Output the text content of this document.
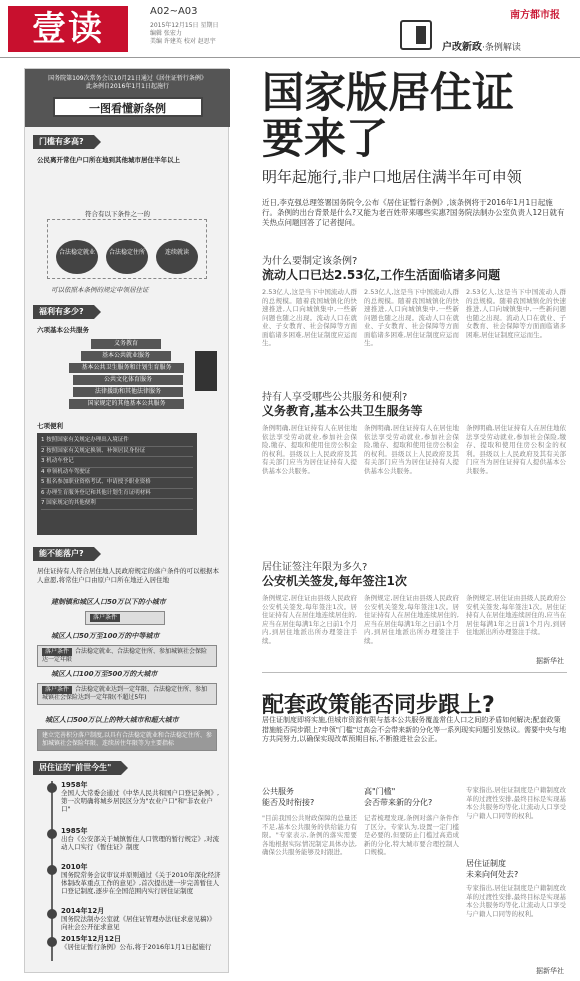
壹读	A02~A03
2015年12月15日 星期日
编辑 张宏力
美编 许建英 校对 赵思宇
南方都市报
户改新政·条例解读
国务院第109次常务会议10月21日通过《居住证暂行条例》
此条例自2016年1月1日起施行
一图看懂新条例
门槛有多高?
公民离开常住户口所在地到其他城市居住半年以上
符合有以下条件之一的
合法稳定就业	合法稳定住所	连续就读
可以依照本条例的规定申领居住证
福利有多少?
六项基本公共服务
义务教育
基本公共就业服务
基本公共卫生服务和计划生育服务
公共文化体育服务
法律援助和其他法律服务
国家规定的其他基本公共服务
七项便利
1 按照国家有关规定办理出入境证件
2 按照国家有关规定换领、补领居民身份证
3 机动车登记
4 申领机动车驾驶证
5 报名参加职业资格考试、申请授予职业资格
6 办理生育服务登记和其他计划生育证明材料
7 国家规定的其他便利
能不能落户?
居住证持有人符合居住地人民政府规定的落户条件的可以根据本人意愿,将常住户口由原户口所在地迁入居住地
建制镇和城区人口50万以下的小城市
落户条件
城区人口50万至100万的中等城市
落户条件 合法稳定就业、合法稳定住所、参加城镇社会保险达一定年限
城区人口100万至500万的大城市
落户条件 合法稳定就业达到一定年限、合法稳定住所、参加城镇社会保险达到一定年限(不超过5年)
城区人口500万以上的特大城市和超大城市
建立完善积分落户制度,以具有合法稳定就业和合法稳定住所、参加城镇社会保险年限、连续居住年限等为主要指标
居住证的"前世今生"
1958年
全国人大常委会通过《中华人民共和国户口登记条例》,第一次明确将城乡居民区分为"农业户口"和"非农业户口"
1985年
出台《公安部关于城镇暂住人口管理的暂行规定》,对流动人口实行《暂住证》制度
2010年
国务院常务会议审议并原则通过《关于2010年深化经济体制改革重点工作的意见》,首次提出进一步完善暂住人口登记制度,逐步在全国范围内实行居住证制度
2014年12月
国务院法制办公室就《居住证管理办法(征求意见稿)》向社会公开征求意见
2015年12月12日
《居住证暂行条例》公布,将于2016年1月1日起施行
国家版居住证
要来了
明年起施行,非户口地居住满半年可申领
近日,李克强总理签署国务院令,公布《居住证暂行条例》,该条例将于2016年1月1日起施行。条例的出台背景是什么?又能为老百姓带来哪些实惠?国务院法制办公室负责人12日就有关热点问题回答了记者提问。
为什么要制定该条例?
流动人口已达2.53亿,工作生活面临诸多问题
2.53亿人,这是当下中国流动人群的总规模。随着我国城镇化的快速推进,人口向城镇集中,一些新问题也随之出现。流动人口在就业、子女教育、社会保障等方面面临诸多困难,居住证制度应运而生。
2.53亿人,这是当下中国流动人群的总规模。随着我国城镇化的快速推进,人口向城镇集中,一些新问题也随之出现。流动人口在就业、子女教育、社会保障等方面面临诸多困难,居住证制度应运而生。
2.53亿人,这是当下中国流动人群的总规模。随着我国城镇化的快速推进,人口向城镇集中,一些新问题也随之出现。流动人口在就业、子女教育、社会保障等方面面临诸多困难,居住证制度应运而生。
持有人享受哪些公共服务和便利?
义务教育,基本公共卫生服务等
条例明确,居住证持有人在居住地依法享受劳动就业,参加社会保险,缴存、提取和使用住房公积金的权利。县级以上人民政府及其有关部门应当为居住证持有人提供基本公共服务。
条例明确,居住证持有人在居住地依法享受劳动就业,参加社会保险,缴存、提取和使用住房公积金的权利。县级以上人民政府及其有关部门应当为居住证持有人提供基本公共服务。
条例明确,居住证持有人在居住地依法享受劳动就业,参加社会保险,缴存、提取和使用住房公积金的权利。县级以上人民政府及其有关部门应当为居住证持有人提供基本公共服务。
居住证签注年限为多久?
公安机关签发,每年签注1次
条例规定,居住证由县级人民政府公安机关签发,每年签注1次。居住证持有人在居住地连续居住的,应当在居住每满1年之日前1个月内,到居住地派出所办理签注手续。
条例规定,居住证由县级人民政府公安机关签发,每年签注1次。居住证持有人在居住地连续居住的,应当在居住每满1年之日前1个月内,到居住地派出所办理签注手续。
条例规定,居住证由县级人民政府公安机关签发,每年签注1次。居住证持有人在居住地连续居住的,应当在居住每满1年之日前1个月内,到居住地派出所办理签注手续。
据新华社
配套政策能否同步跟上?
居住证制度即将实施,但城市资源有限与基本公共服务覆盖常住人口之间的矛盾如何解决;配套政策措施能否同步跟上?申领"门槛"过高会不会带来新的分化等一系列现实问题引发热议。需要中央与地方共同努力,以确保实现改革预期目标,不断推进社会公正。
公共服务
能否及时衔接?
高"门槛"
会否带来新的分化?
"目前我国公共财政保障的总量还不足,基本公共服务的供给能力有限。"专家表示,条例的落实需要各地根据实际情况制定具体办法,确保公共服务能够及时跟进。
记者梳理发现,条例对落户条件作了区分。专家认为,设置一定门槛是必要的,但要防止门槛过高造成新的分化,特大城市要合理控制人口规模。
专家指出,居住证制度是户籍制度改革的过渡性安排,最终目标是实现基本公共服务均等化,让流动人口享受与户籍人口同等的权利。
居住证制度
未来向何处去?
专家指出,居住证制度是户籍制度改革的过渡性安排,最终目标是实现基本公共服务均等化,让流动人口享受与户籍人口同等的权利。
据新华社
